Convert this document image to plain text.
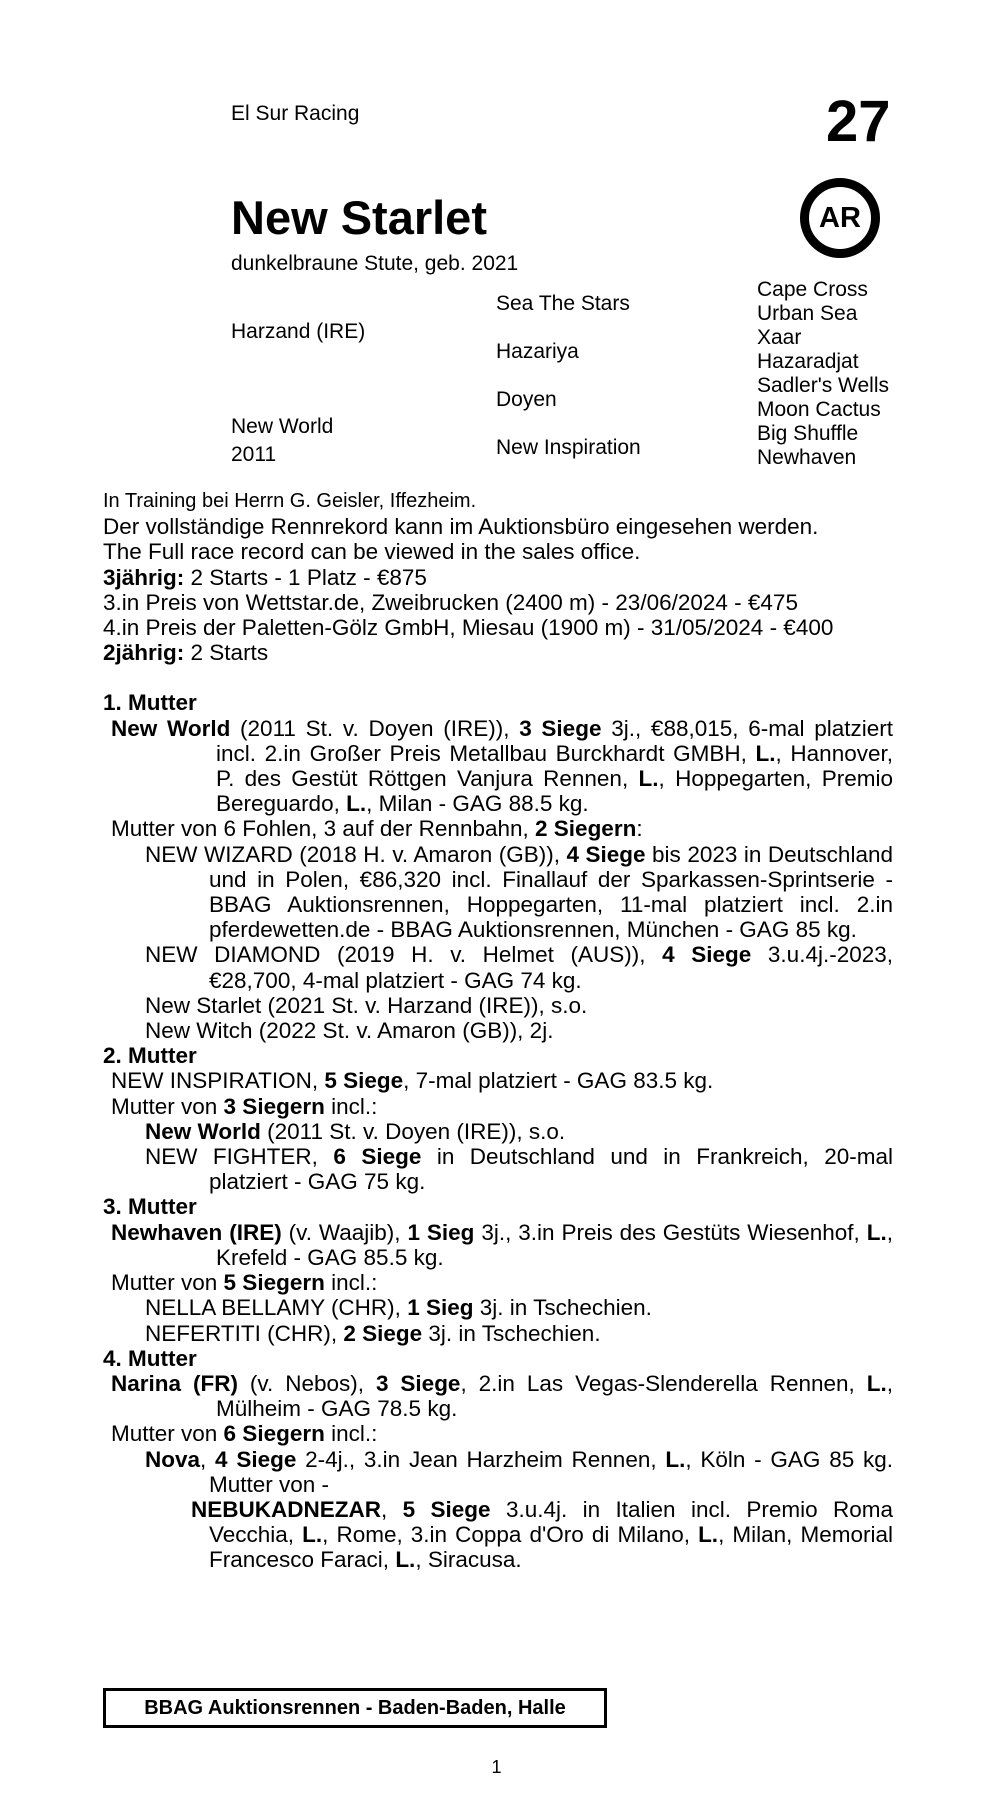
El Sur Racing	27
AR
New Starlet
dunkelbraune Stute, geb. 2021
Harzand (IRE)
New World
2011
Sea The Stars
Hazariya
Doyen
New Inspiration
Cape Cross
Urban Sea
Xaar
Hazaradjat
Sadler's Wells
Moon Cactus
Big Shuffle
Newhaven

In Training bei Herrn G. Geisler, Iffezheim.

Der vollständige Rennrekord kann im Auktionsbüro eingesehen werden.

The Full race record can be viewed in the sales office.

3jährig: 2 Starts - 1 Platz - €875

3.in Preis von Wettstar.de, Zweibrucken (2400 m) - 23/06/2024 - €475

4.in Preis der Paletten-Gölz GmbH, Miesau (1900 m) - 31/05/2024 - €400

2jährig: 2 Starts

1. Mutter

New World (2011 St. v. Doyen (IRE)), 3 Siege 3j., €88,015, 6-mal platziert incl. 2.in Großer Preis Metallbau Burckhardt GMBH, L., Hannover, P. des Gestüt Röttgen Vanjura Rennen, L., Hoppegarten, Premio Bereguardo, L., Milan - GAG 88.5 kg.

Mutter von 6 Fohlen, 3 auf der Rennbahn, 2 Siegern:

NEW WIZARD (2018 H. v. Amaron (GB)), 4 Siege bis 2023 in Deutschland und in Polen, €86,320 incl. Finallauf der Sparkassen-Sprintserie - BBAG Auktionsrennen, Hoppegarten, 11-mal platziert incl. 2.in pferdewetten.de - BBAG Auktionsrennen, München - GAG 85 kg.

NEW DIAMOND (2019 H. v. Helmet (AUS)), 4 Siege 3.u.4j.-2023, €28,700, 4-mal platziert - GAG 74 kg.

New Starlet (2021 St. v. Harzand (IRE)), s.o.

New Witch (2022 St. v. Amaron (GB)), 2j.

2. Mutter

NEW INSPIRATION, 5 Siege, 7-mal platziert - GAG 83.5 kg.

Mutter von 3 Siegern incl.:

New World (2011 St. v. Doyen (IRE)), s.o.

NEW FIGHTER, 6 Siege in Deutschland und in Frankreich, 20-mal platziert - GAG 75 kg.

3. Mutter

Newhaven (IRE) (v. Waajib), 1 Sieg 3j., 3.in Preis des Gestüts Wiesenhof, L., Krefeld - GAG 85.5 kg.

Mutter von 5 Siegern incl.:

NELLA BELLAMY (CHR), 1 Sieg 3j. in Tschechien.

NEFERTITI (CHR), 2 Siege 3j. in Tschechien.

4. Mutter

Narina (FR) (v. Nebos), 3 Siege, 2.in Las Vegas-Slenderella Rennen, L., Mülheim - GAG 78.5 kg.

Mutter von 6 Siegern incl.:

Nova, 4 Siege 2-4j., 3.in Jean Harzheim Rennen, L., Köln - GAG 85 kg. Mutter von -

NEBUKADNEZAR, 5 Siege 3.u.4j. in Italien incl. Premio Roma Vecchia, L., Rome, 3.in Coppa d'Oro di Milano, L., Milan, Memorial Francesco Faraci, L., Siracusa.

BBAG Auktionsrennen - Baden-Baden, Halle
1
